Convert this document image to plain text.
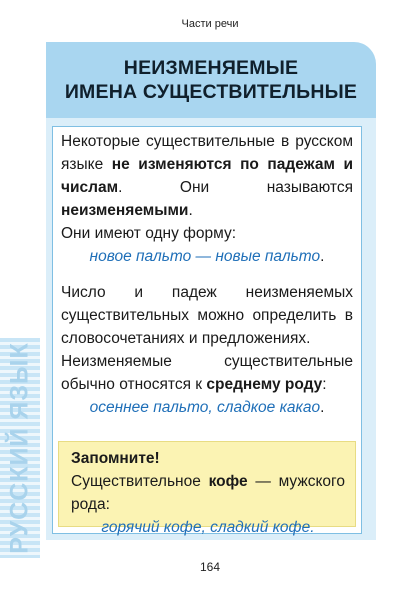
Части речи
НЕИЗМЕНЯЕМЫЕ
ИМЕНА СУЩЕСТВИТЕЛЬНЫЕ

Некоторые существительные в русском языке не изменяются по падежам и числам. Они называются неизменяемыми.

Они имеют одну форму:

новое пальто — новые пальто.

Число и падеж неизменяемых существительных можно определить в словосочетаниях и предложениях.

Неизменяемые существительные обычно относятся к среднему роду:

осеннее пальто, сладкое какао.

Запомните!
Существительное кофе — мужского рода:
горячий кофе, сладкий кофе.
РУССКИЙ ЯЗЫК
164
